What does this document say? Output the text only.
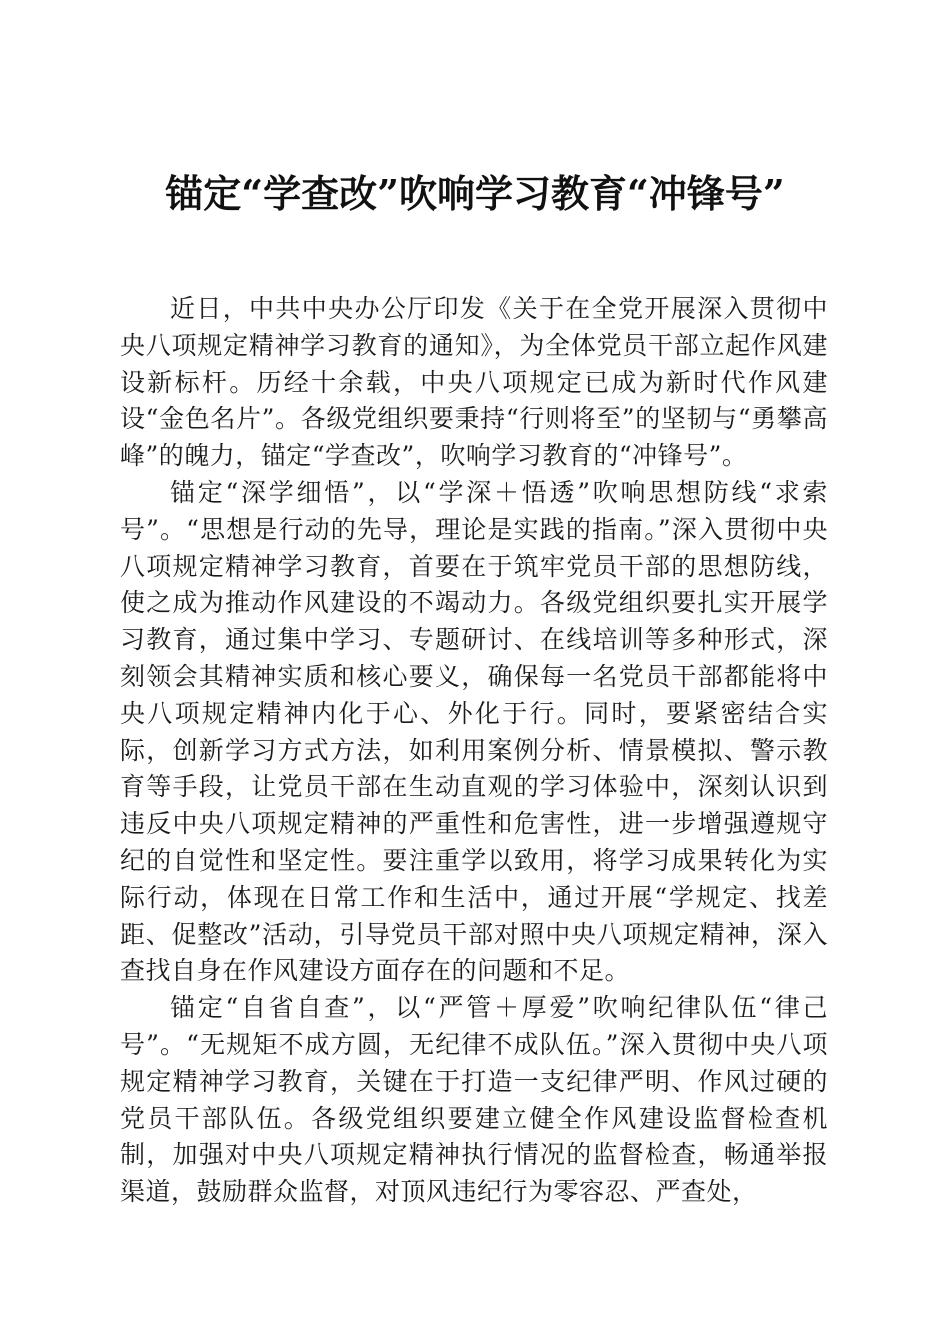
锚定“学查改”吹响学习教育“冲锋号”

近日，中共中央办公厅印发《关于在全党开展深入贯彻中央八项规定精神学习教育的通知》，为全体党员干部立起作风建设新标杆。历经十余载，中央八项规定已成为新时代作风建设“金色名片”。各级党组织要秉持“行则将至”的坚韧与“勇攀高峰”的魄力，锚定“学查改”，吹响学习教育的“冲锋号”。

锚定“深学细悟”，以“学深＋悟透”吹响思想防线“求索号”。“思想是行动的先导，理论是实践的指南。”深入贯彻中央八项规定精神学习教育，首要在于筑牢党员干部的思想防线，使之成为推动作风建设的不竭动力。各级党组织要扎实开展学习教育，通过集中学习、专题研讨、在线培训等多种形式，深刻领会其精神实质和核心要义，确保每一名党员干部都能将中央八项规定精神内化于心、外化于行。同时，要紧密结合实际，创新学习方式方法，如利用案例分析、情景模拟、警示教育等手段，让党员干部在生动直观的学习体验中，深刻认识到违反中央八项规定精神的严重性和危害性，进一步增强遵规守纪的自觉性和坚定性。要注重学以致用，将学习成果转化为实际行动，体现在日常工作和生活中，通过开展“学规定、找差距、促整改”活动，引导党员干部对照中央八项规定精神，深入查找自身在作风建设方面存在的问题和不足。

锚定“自省自查”，以“严管＋厚爱”吹响纪律队伍“律己号”。“无规矩不成方圆，无纪律不成队伍。”深入贯彻中央八项规定精神学习教育，关键在于打造一支纪律严明、作风过硬的党员干部队伍。各级党组织要建立健全作风建设监督检查机制，加强对中央八项规定精神执行情况的监督检查，畅通举报渠道，鼓励群众监督，对顶风违纪行为零容忍、严查处，
